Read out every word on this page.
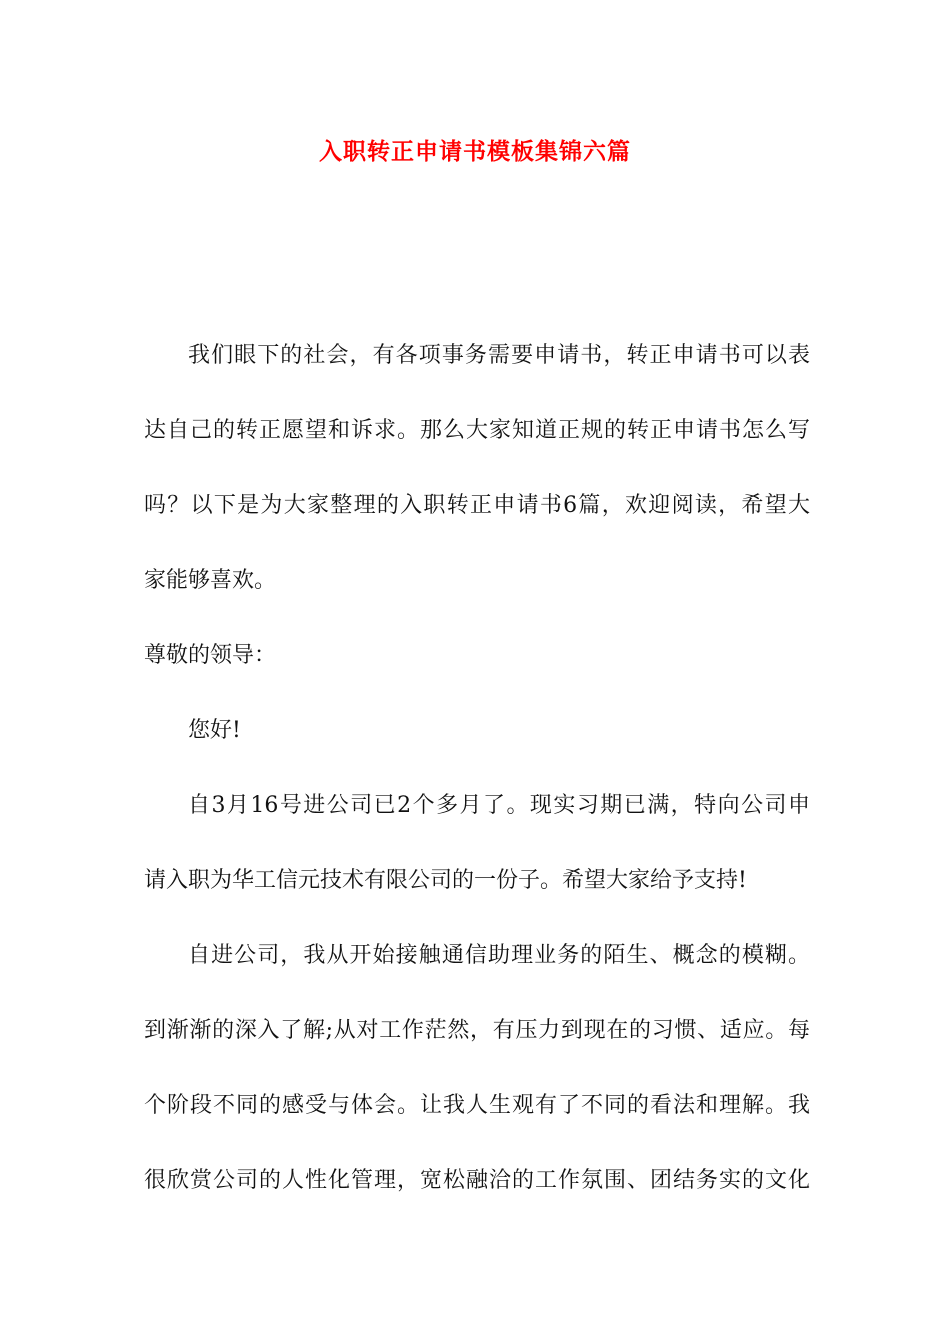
入职转正申请书模板集锦六篇

我们眼下的社会，有各项事务需要申请书，转正申请书可以表
达自己的转正愿望和诉求。那么大家知道正规的转正申请书怎么写
吗？以下是为大家整理的入职转正申请书6篇，欢迎阅读，希望大
家能够喜欢。

尊敬的领导：

您好!

自3月16号进公司已2个多月了。现实习期已满，特向公司申
请入职为华工信元技术有限公司的一份子。希望大家给予支持!

自进公司，我从开始接触通信助理业务的陌生、概念的模糊。
到渐渐的深入了解;从对工作茫然，有压力到现在的习惯、适应。每
个阶段不同的感受与体会。让我人生观有了不同的看法和理解。我
很欣赏公司的人性化管理，宽松融洽的工作氛围、团结务实的文化
